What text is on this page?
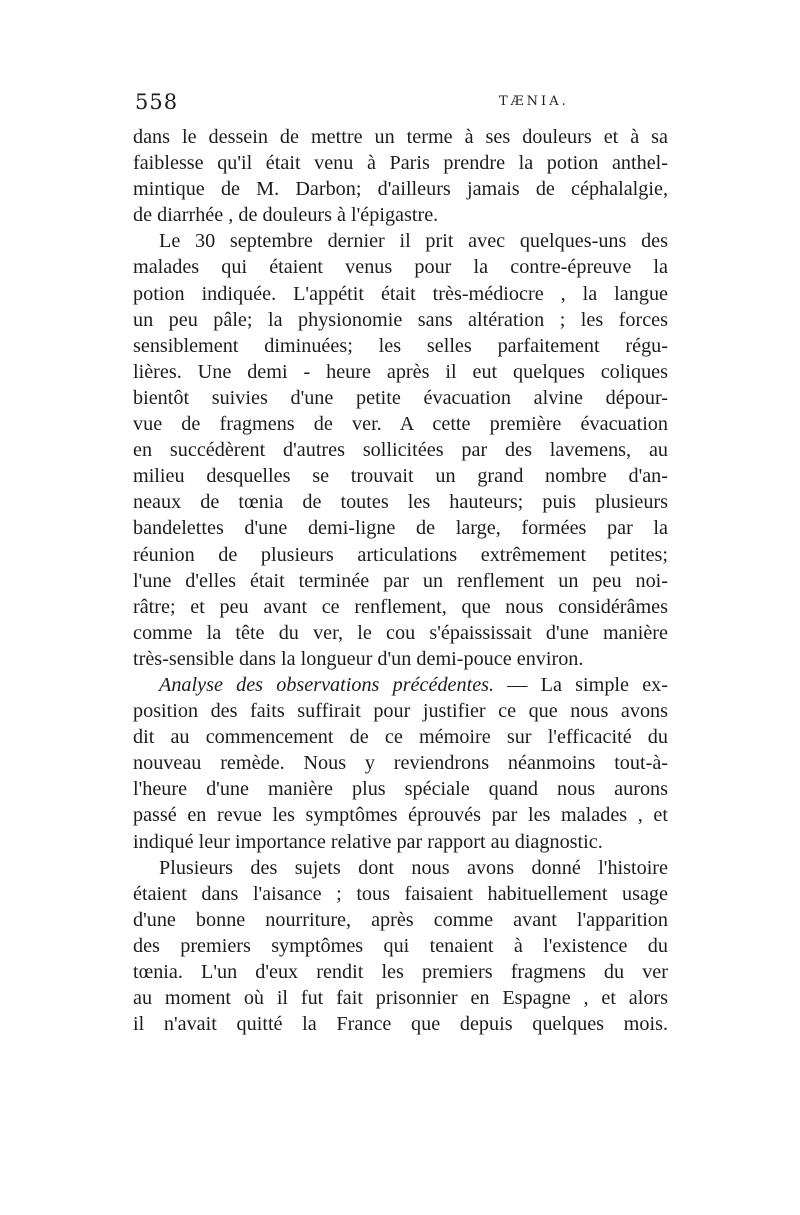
558	TÆNIA.
dans le dessein de mettre un terme à ses douleurs et à sa
faiblesse qu'il était venu à Paris prendre la potion anthel-
mintique de M. Darbon; d'ailleurs jamais de céphalalgie,
de diarrhée , de douleurs à l'épigastre.
Le 30 septembre dernier il prit avec quelques-uns des
malades qui étaient venus pour la contre-épreuve la
potion indiquée. L'appétit était très-médiocre , la langue
un peu pâle; la physionomie sans altération ; les forces
sensiblement diminuées; les selles parfaitement régu-
lières. Une demi - heure après il eut quelques coliques
bientôt suivies d'une petite évacuation alvine dépour-
vue de fragmens de ver. A cette première évacuation
en succédèrent d'autres sollicitées par des lavemens, au
milieu desquelles se trouvait un grand nombre d'an-
neaux de tœnia de toutes les hauteurs; puis plusieurs
bandelettes d'une demi-ligne de large, formées par la
réunion de plusieurs articulations extrêmement petites;
l'une d'elles était terminée par un renflement un peu noi-
râtre; et peu avant ce renflement, que nous considérâmes
comme la tête du ver, le cou s'épaississait d'une manière
très-sensible dans la longueur d'un demi-pouce environ.
Analyse des observations précédentes. — La simple ex-
position des faits suffirait pour justifier ce que nous avons
dit au commencement de ce mémoire sur l'efficacité du
nouveau remède. Nous y reviendrons néanmoins tout-à-
l'heure d'une manière plus spéciale quand nous aurons
passé en revue les symptômes éprouvés par les malades , et
indiqué leur importance relative par rapport au diagnostic.
Plusieurs des sujets dont nous avons donné l'histoire
étaient dans l'aisance ; tous faisaient habituellement usage
d'une bonne nourriture, après comme avant l'apparition
des premiers symptômes qui tenaient à l'existence du
tœnia. L'un d'eux rendit les premiers fragmens du ver
au moment où il fut fait prisonnier en Espagne , et alors
il n'avait quitté la France que depuis quelques mois.
